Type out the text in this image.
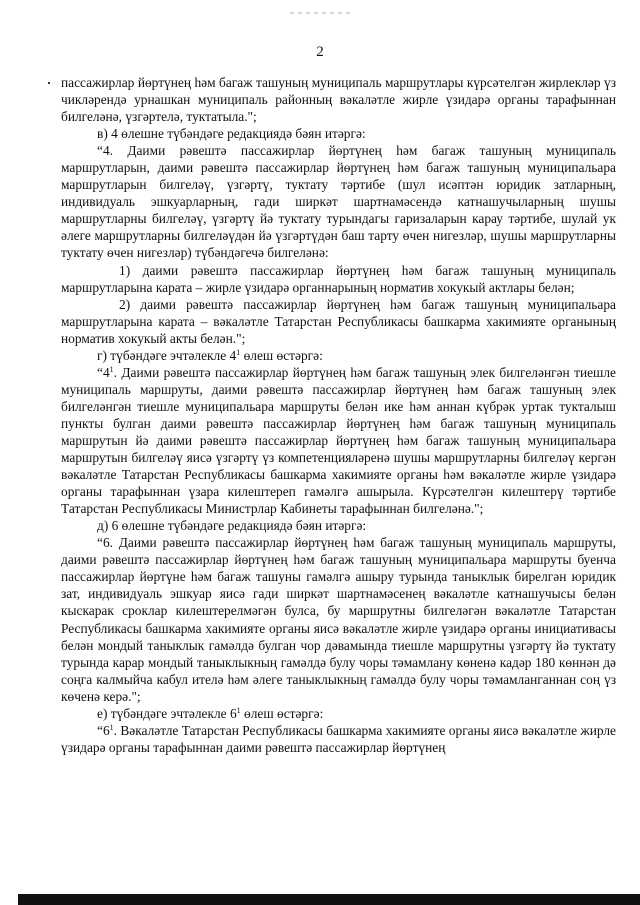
2

пассажирлар йөртүнең һәм багаж ташуның муниципаль маршрутлары күрсәтелгән жирлекләр үз чикләрендә урнашкан муниципаль районның вәкаләтле жирле үзидарә органы тарафыннан билгеләнә, үзгәртелә, туктатыла.";

в) 4 өлешне түбәндәге редакциядә бәян итәргә:

“4. Даими рәвештә пассажирлар йөртүнең һәм багаж ташуның муниципаль маршрутларын, даими рәвештә пассажирлар йөртүнең һәм багаж ташуның муниципальара маршрутларын билгеләү, үзгәртү, туктату тәртибе (шул исәптән юридик затларның, индивидуаль эшкуарларның, гади ширкәт шартнамәсендә катнашучыларның шушы маршрутларны билгеләү, үзгәртү йә туктату турындагы гаризаларын карау тәртибе, шулай ук әлеге маршрутларны билгеләүдән йә үзгәртүдән баш тарту өчен нигезләр, шушы маршрутларны туктату өчен нигезләр) түбәндәгечә билгеләнә:

1) даими рәвештә пассажирлар йөртүнең һәм багаж ташуның муниципаль маршрутларына карата – жирле үзидарә органнарының норматив хокукый актлары белән;

2) даими рәвештә пассажирлар йөртүнең һәм багаж ташуның муниципальара маршрутларына карата – вәкаләтле Татарстан Республикасы башкарма хакимияте органының норматив хокукый акты белән.";

г) түбәндәге эчтәлекле $4^1$ өлеш өстәргә:

“$4^1$. Даими рәвештә пассажирлар йөртүнең һәм багаж ташуның элек билгеләнгән тиешле муниципаль маршруты, даими рәвештә пассажирлар йөртүнең һәм багаж ташуның элек билгеләнгән тиешле муниципальара маршруты белән ике һәм аннан күбрәк уртак тукталыш пункты булган даими рәвештә пассажирлар йөртүнең һәм багаж ташуның муниципаль маршрутын йә даими рәвештә пассажирлар йөртүнең һәм багаж ташуның муниципальара маршрутын билгеләү яисә үзгәртү үз компетенцияләренә шушы маршрутларны билгеләү кергән вәкаләтле Татарстан Республикасы башкарма хакимияте органы һәм вәкаләтле жирле үзидарә органы тарафыннан үзара килештереп гамәлгә ашырыла. Күрсәтелгән килештерү тәртибе Татарстан Республикасы Министрлар Кабинеты тарафыннан билгеләнә.";

д) 6 өлешне түбәндәге редакциядә бәян итәргә:

“6. Даими рәвештә пассажирлар йөртүнең һәм багаж ташуның муниципаль маршруты, даими рәвештә пассажирлар йөртүнең һәм багаж ташуның муниципальара маршруты буенча пассажирлар йөртүне һәм багаж ташуны гамәлгә ашыру турында таныклык бирелгән юридик зат, индивидуаль эшкуар яисә гади ширкәт шартнамәсенең вәкаләтле катнашучысы белән кыскарак сроклар килештерелмәгән булса, бу маршрутны билгеләгән вәкаләтле Татарстан Республикасы башкарма хакимияте органы яисә вәкаләтле жирле үзидарә органы инициативасы белән мондый таныклык гамәлдә булган чор дәвамында тиешле маршрутны үзгәртү йә туктату турында карар мондый таныклыкның гамәлдә булу чоры тәмамлану көненә кадәр 180 көннән дә соңга калмыйча кабул ителә һәм әлеге таныклыкның гамәлдә булу чоры тәмамланганнан соң үз көченә керә.";

е) түбәндәге эчтәлекле $6^1$ өлеш өстәргә:

“$6^1$. Вәкаләтле Татарстан Республикасы башкарма хакимияте органы яисә вәкаләтле жирле үзидарә органы тарафыннан даими рәвештә пассажирлар йөртүнең
